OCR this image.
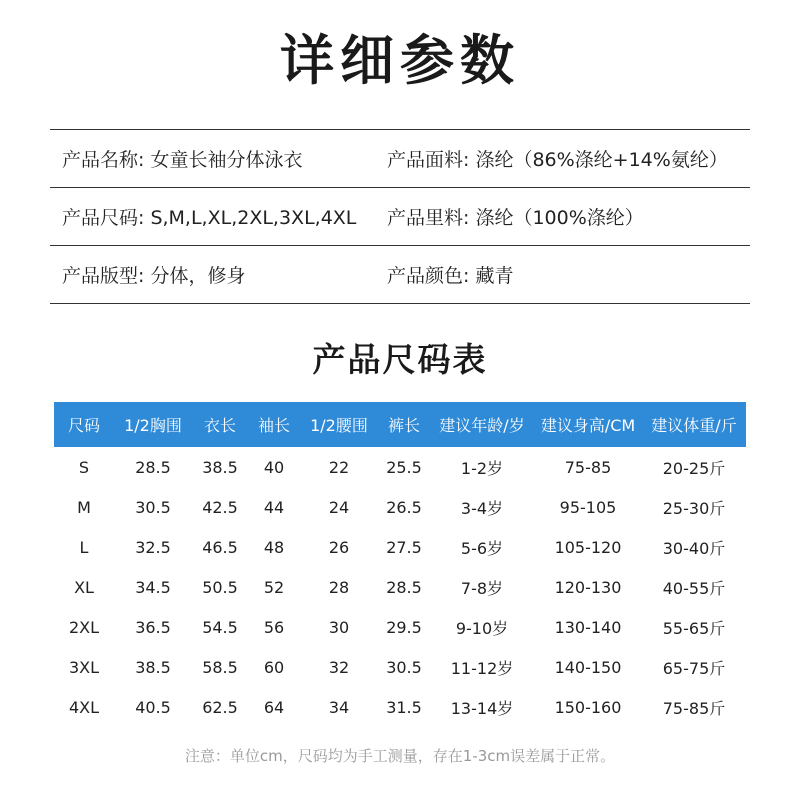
详细参数
产品名称: 女童长袖分体泳衣	产品面料: 涤纶（86%涤纶+14%氨纶）
产品尺码: S,M,L,XL,2XL,3XL,4XL	产品里料: 涤纶（100%涤纶）
产品版型: 分体，修身	产品颜色: 藏青
产品尺码表
尺码	1/2胸围	衣长	袖长	1/2腰围	裤长	建议年龄/岁	建议身高/CM	建议体重/斤
S	28.5	38.5	40	22	25.5	1-2岁	75-85	20-25斤
M	30.5	42.5	44	24	26.5	3-4岁	95-105	25-30斤
L	32.5	46.5	48	26	27.5	5-6岁	105-120	30-40斤
XL	34.5	50.5	52	28	28.5	7-8岁	120-130	40-55斤
2XL	36.5	54.5	56	30	29.5	9-10岁	130-140	55-65斤
3XL	38.5	58.5	60	32	30.5	11-12岁	140-150	65-75斤
4XL	40.5	62.5	64	34	31.5	13-14岁	150-160	75-85斤
注意：单位cm，尺码均为手工测量，存在1-3cm误差属于正常。
